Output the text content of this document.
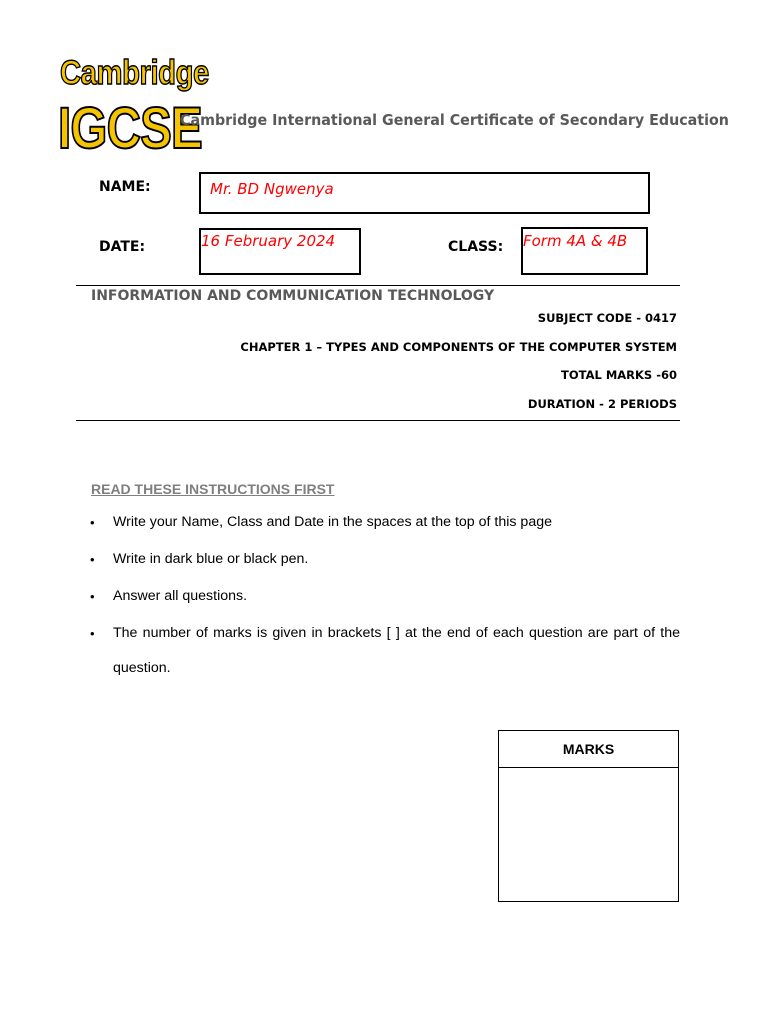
Cambridge
IGCSE
Cambridge International General Certificate of Secondary Education
NAME:	Mr. BD Ngwenya
DATE:	16 February 2024	CLASS: Form 4A & 4B
INFORMATION AND COMMUNICATION TECHNOLOGY
SUBJECT CODE - 0417
CHAPTER 1 – TYPES AND COMPONENTS OF THE COMPUTER SYSTEM
TOTAL MARKS -60
DURATION - 2 PERIODS
READ THESE INSTRUCTIONS FIRST
• Write your Name, Class and Date in the spaces at the top of this page
• Write in dark blue or black pen.
• Answer all questions.
• The number of marks is given in brackets [ ] at the end of each question are part of the question.
MARKS
